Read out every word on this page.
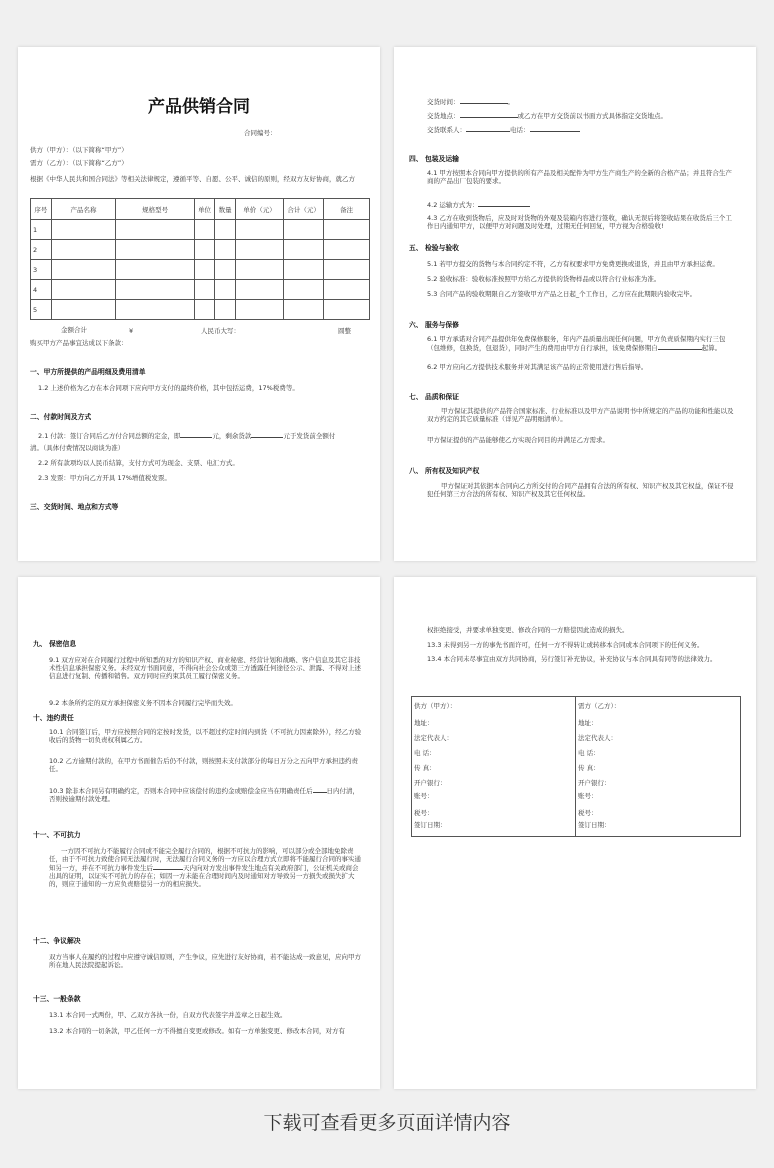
产品供销合同
合同编号：
供方（甲方）：（以下简称“甲方”）
需方（乙方）：（以下简称“乙方”）
根据《中华人民共和国合同法》等相关法律规定，遵循平等、自愿、公平、诚信的原则，经双方友好协商，就乙方
序号	产品名称	规格型号	单位	数量	单价（元）	合计（元）	备注
1							
2							
3							
4							
5							
金额合计	¥	人民币大写：	圆整
购买甲方产品事宜达成以下条款：
一、甲方所提供的产品明细及费用清单
1.2 上述价格为乙方在本合同项下应向甲方支付的最终价格，其中包括运费，17%税费等。
二、付款时间及方式
2.1 付款：签订合同后乙方付合同总额的定金，即	元，剩余货款	元于发货前全额付
清。（具体付费情况以商谈为准）
2.2 所有款项均以人民币结算，支付方式可为现金、支票、电汇方式。
2.3 发票：甲方向乙方开具 17%增值税发票。
三、交货时间、地点和方式等
交货时间：	。
交货地点：	或乙方在甲方交货前以书面方式具体指定交货地点。
交货联系人：	电话：
四、 包装及运输
4.1 甲方按照本合同向甲方提供的所有产品及相关配件为甲方生产商生产的全新的合格产品；并且符合生产商的产品出厂包装的要求。
4.2 运输方式为：
4.3 乙方在收到货物后，应及时对货物的外观及装箱内容进行签收，确认无误后将签收結果在收货后三个工作日内通知甲方，以便甲方对问题及时处理，过期无任何回复，甲方视为合格验收!
五、 检验与验收
5.1 若甲方提交的货物与本合同约定不符，乙方有权要求甲方免费更换或退货，并且由甲方承担运费。
5.2 验收标准：验收标准按照甲方给乙方提供的货物样品或以符合行业标准为准。
5.3 合同产品的验收期限自乙方签收甲方产品之日起_个工作日，乙方应在此期限内验收完毕。
六、 服务与保修
6.1 甲方承诺对合同产品提供年免费保修服务，年内产品质量出现任何问题，甲方负责质保期内实行三包（包维修，包换货，包退货），同时产生的费用由甲方自行承担，该免费保修期自	起算。
6.2 甲方应向乙方提供技术服务并对其满足该产品的正常使用进行售后指导。
七、 品质和保证
甲方保证其提供的产品符合国家标准、行业标准以及甲方产品说明书中所规定的产品的功能和性能以及双方约定的其它质量标准（详见产品明细清单）。
甲方保证提供的产品能够使乙方实现合同目的并满足乙方需求。
八、 所有权及知识产权
甲方保证对其依据本合同向乙方所交付的合同产品拥有合法的所有权、知识产权及其它权益，保证不侵犯任何第三方合法的所有权、知识产权及其它任何权益。
九、 保密信息
9.1 双方应对在合同履行过程中所知悉的对方的知识产权、商业秘密、经营计划和战略、客户信息及其它非技术性信息承担保密义务。未经双方书面同意，不得向社会公众或第三方透露任何途径公示、泄露、不得对上述信息进行复制、传播和销售。双方同时应约束其员工履行保密义务。
9.2 本条所约定的双方承担保密义务不因本合同履行完毕而失效。
十、违约责任
10.1 合同签订后，甲方应按照合同的定按时发货，以不超过约定时间内到货（不可抗力因素除外），经乙方验收后的货物一切负责权利属乙方。
10.2 乙方逾期付款的，在甲方书面催告后仍不付款，则按照未支付款部分的每日万分之五向甲方承担违约责任。
10.3 除非本合同另有明确约定，否则本合同中应该偿付的违约金或赔偿金应当在明确责任后 日内付清，否则按逾期付款处理。
十一、不可抗力
一方因不可抗力不能履行合同或不能完全履行合同的，根据不可抗力的影响，可以部分或全部地免除责任，由于不可抗力致使合同无法履行时，无法履行合同义务的一方应以合理方式立即将不能履行合同的事实通知另一方，并在不可抗力事件发生后	天内向对方发出事件发生地点有关政府部门，公证机关或商会出具的证明，以证实不可抗力的存在；如因一方未能在合理时间内及时通知对方导致另一方损失或损失扩大的，则应于通知的一方应负责赔偿另一方的相应损失。
十二、争议解决
双方当事人在履约的过程中应遵守诚信原则，产生争议，应先进行友好协商，若不能达成一致意见，应向甲方所在地人民法院提起诉讼。
十三、一般条款
13.1 本合同一式两份，甲、乙双方各执一份，自双方代表签字并盖章之日起生效。
13.2 本合同的一切条款，甲乙任何一方不得擅自变更或修改。如有一方单独变更、修改本合同，对方有
权拒绝接受，并要求单独变更、修改合同的一方赔偿因此造成的损失。
13.3 未得到另一方的事先书面许可，任何一方不得转让或转移本合同或本合同项下的任何义务。
13.4 本合同未尽事宜由双方共同协商，另行签订补充协议，补充协议与本合同具有同等的法律效力。
供方（甲方）：
地址：
法定代表人：
电 话：
传 真：
开户银行：
账号：
税号：
签订日期：
需方（乙方）：
地址：
法定代表人：
电 话：
传 真：
开户银行：
账号：
税号：
签订日期：
下载可查看更多页面详情内容
